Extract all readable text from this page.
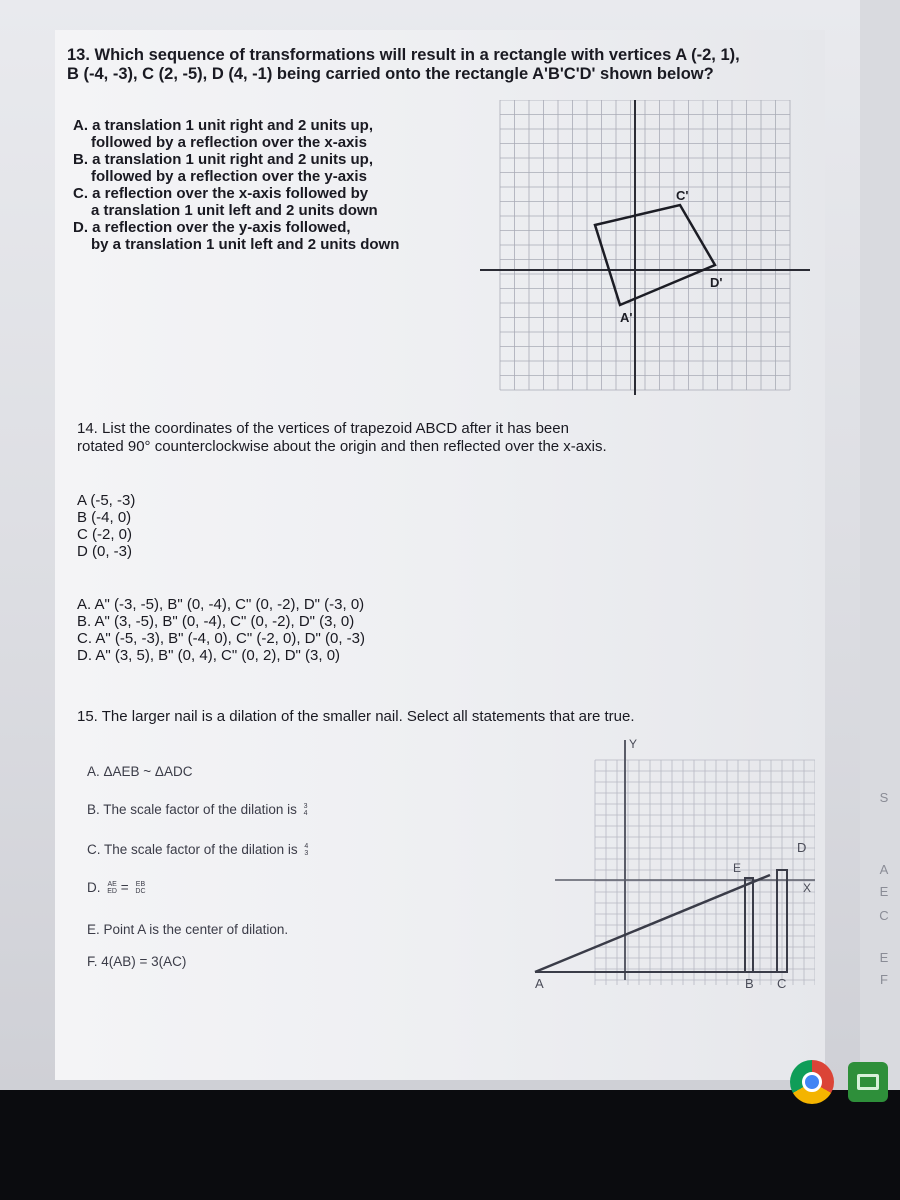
13. Which sequence of transformations will result in a rectangle with vertices A (-2, 1),
B (-4, -3), C (2, -5), D (4, -1) being carried onto the rectangle A'B'C'D' shown below?
A. a translation 1 unit right and 2 units up,
followed by a reflection over the x-axis
B. a translation 1 unit right and 2 units up,
followed by a reflection over the y-axis
C. a reflection over the x-axis followed by
a translation 1 unit left and 2 units down
D. a reflection over the y-axis followed,
by a translation 1 unit left and 2 units down
C'
D'
A'
14. List the coordinates of the vertices of trapezoid ABCD after it has been
rotated 90° counterclockwise about the origin and then reflected over the x-axis.
A (-5, -3)
B (-4, 0)
C (-2, 0)
D (0, -3)
A. A" (-3, -5), B" (0, -4), C" (0, -2), D" (-3, 0)
B. A" (3, -5), B" (0, -4), C" (0, -2), D" (3, 0)
C. A" (-5, -3), B" (-4, 0), C" (-2, 0), D" (0, -3)
D. A" (3, 5), B" (0, 4), C" (0, 2), D" (3, 0)
15. The larger nail is a dilation of the smaller nail. Select all statements that are true.
A. ΔAEB ~ ΔADC
B. The scale factor of the dilation is 3
4
C. The scale factor of the dilation is 4
3
D. AE
ED = EB
DC
E. Point A is the center of dilation.
F. 4(AB) = 3(AC)
Y
X
D
E
A	B C
S
A
E
C
E
F
